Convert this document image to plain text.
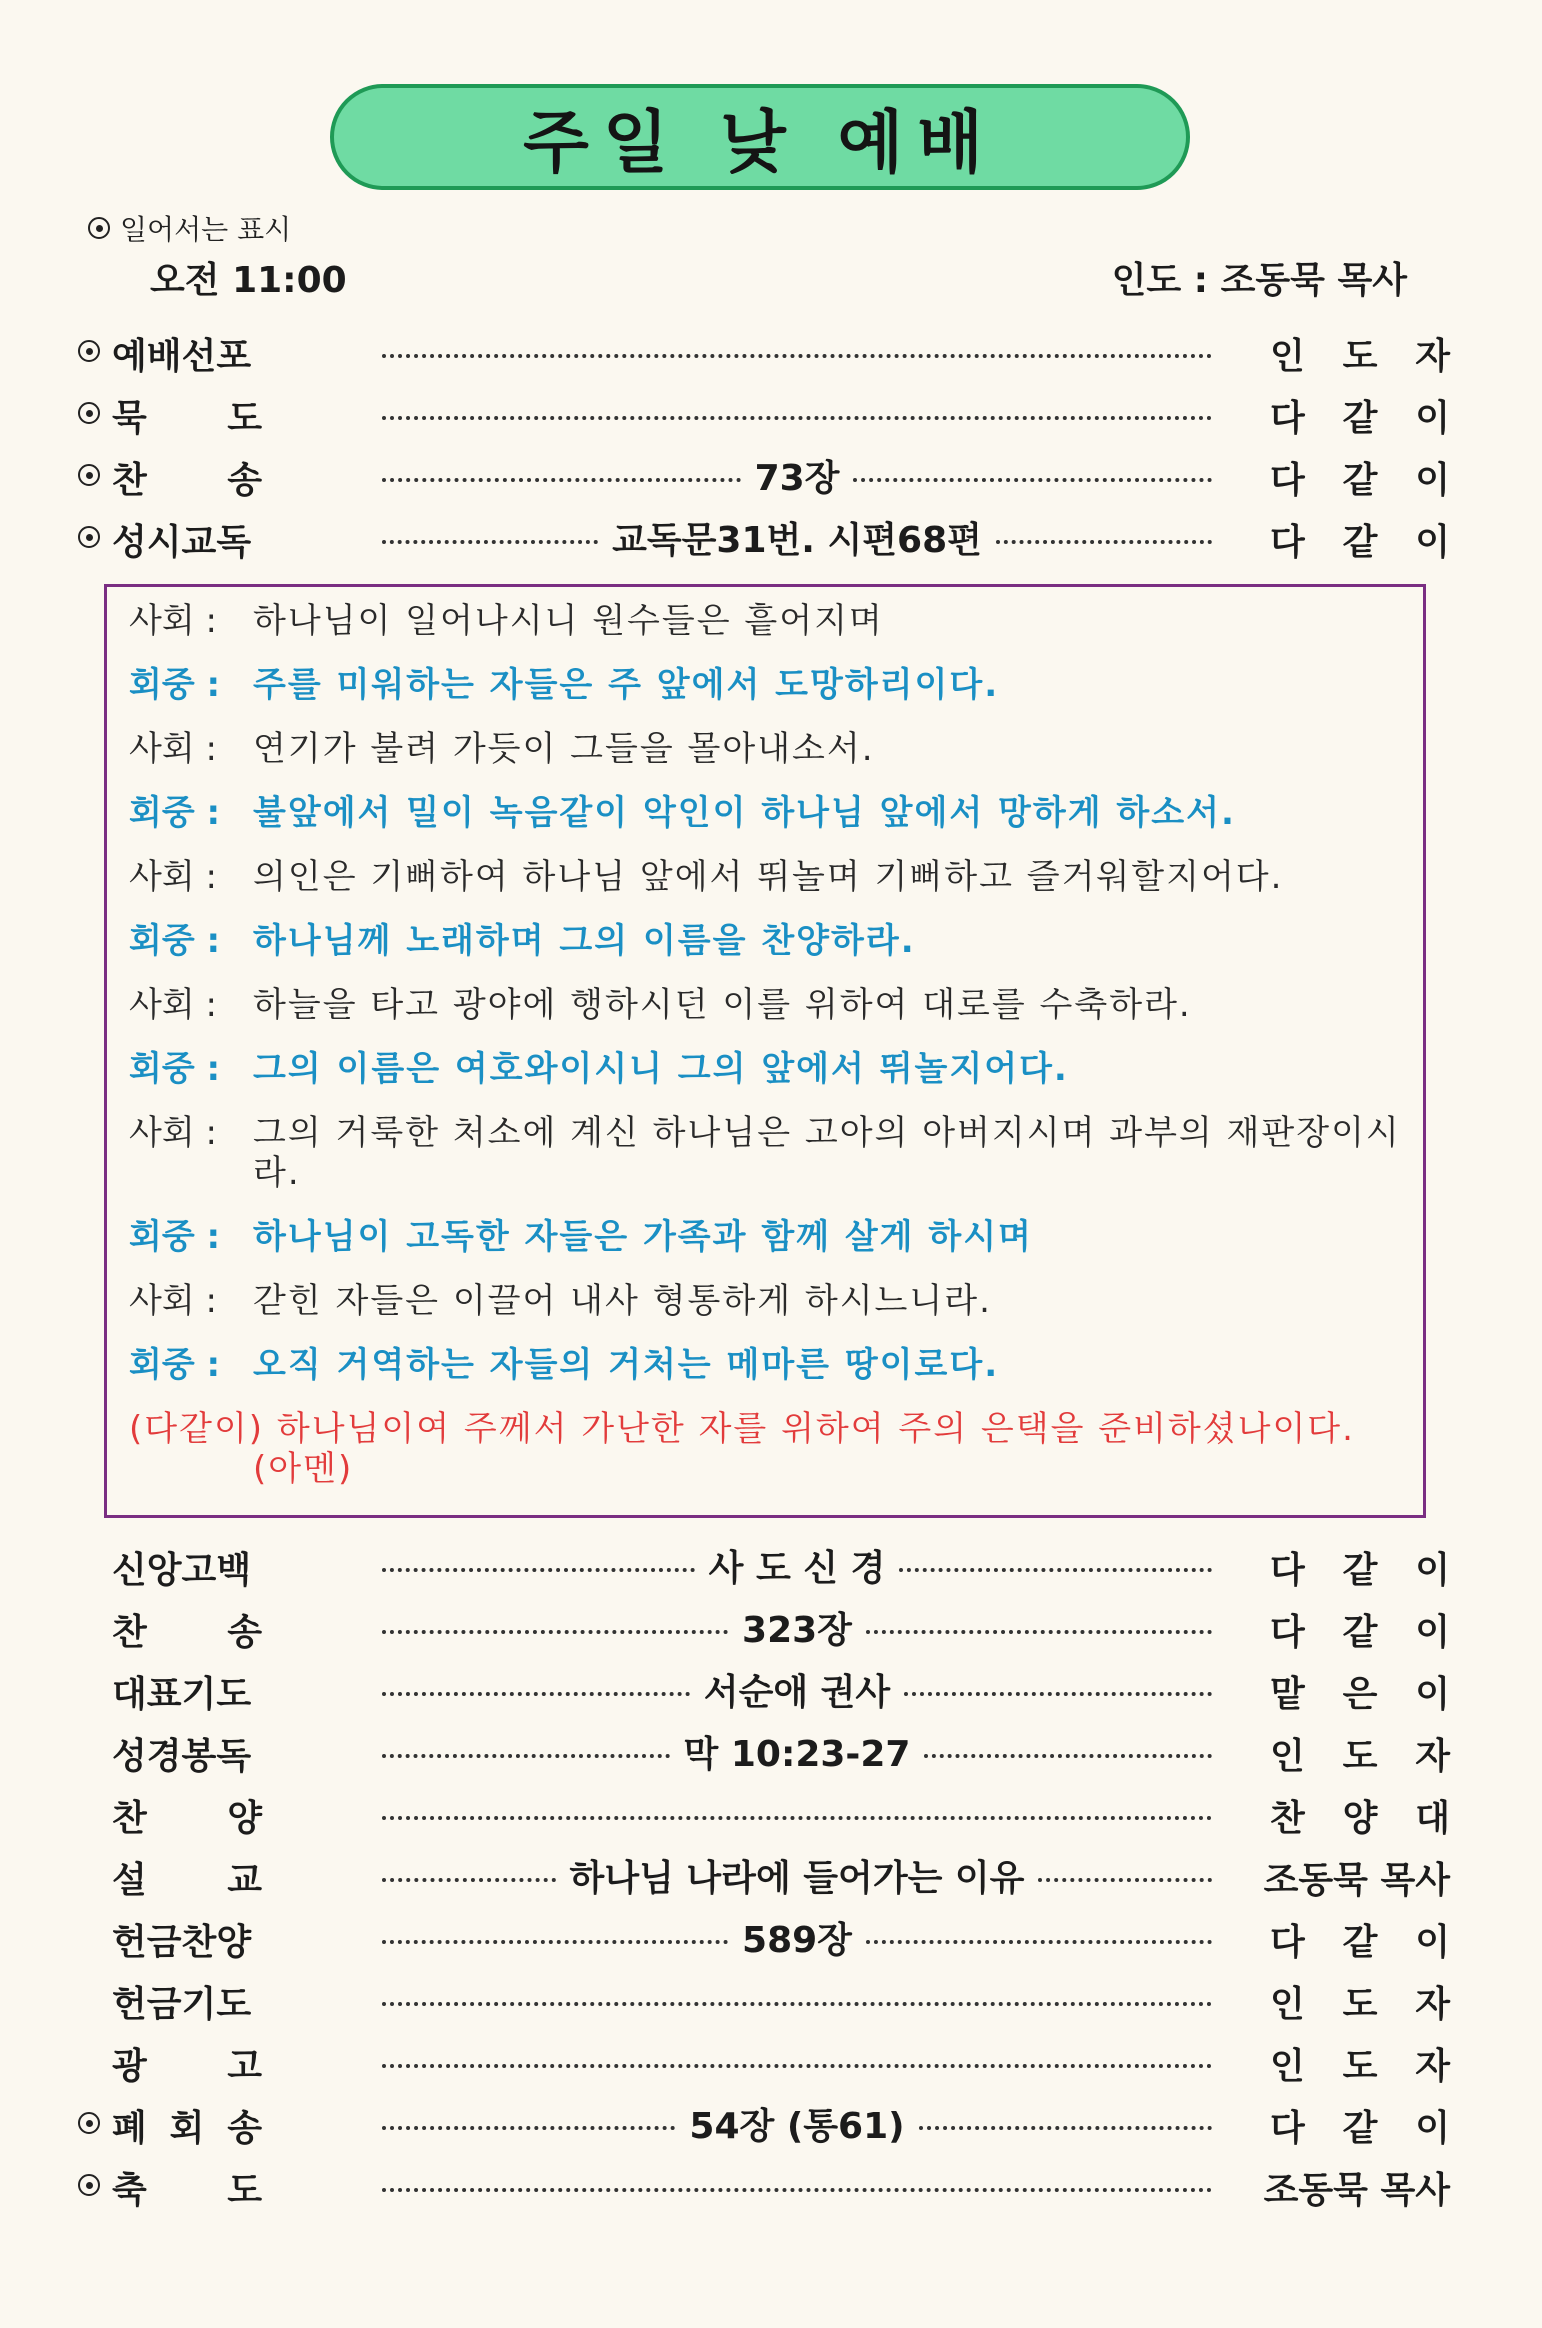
주일 낮 예배
일어서는 표시
오전 11:00	인도 : 조동묵 목사
예배선포	인 도 자
묵 도	다 같 이
찬 송	73장	다 같 이
성시교독	교독문31번. 시편68편	다 같 이
사회 :	하나님이 일어나시니 원수들은 흩어지며
회중 : 주를 미워하는 자들은 주 앞에서 도망하리이다.
사회 :	연기가 불려 가듯이 그들을 몰아내소서.
회중 : 불앞에서 밀이 녹음같이 악인이 하나님 앞에서 망하게 하소서.
사회 :	의인은 기뻐하여 하나님 앞에서 뛰놀며 기뻐하고 즐거워할지어다.
회중 : 하나님께 노래하며 그의 이름을 찬양하라.
사회 :	하늘을 타고 광야에 행하시던 이를 위하여 대로를 수축하라.
회중 : 그의 이름은 여호와이시니 그의 앞에서 뛰놀지어다.
사회 :	그의 거룩한 처소에 계신 하나님은 고아의 아버지시며 과부의 재판장이시라.
회중 : 하나님이 고독한 자들은 가족과 함께 살게 하시며
사회 :	갇힌 자들은 이끌어 내사 형통하게 하시느니라.
회중 : 오직 거역하는 자들의 거처는 메마른 땅이로다.
(다같이) 하나님이여 주께서 가난한 자를 위하여 주의 은택을 준비하셨나이다. (아멘)
신앙고백	사 도 신 경	다 같 이
찬 송	323장	다 같 이
대표기도	서순애 권사	맡 은 이
성경봉독	막 10:23-27	인 도 자
찬 양	찬 양 대
설 교	하나님 나라에 들어가는 이유	조동묵 목사
헌금찬양	589장	다 같 이
헌금기도	인 도 자
광 고	인 도 자
폐 회 송	54장 (통61)	다 같 이
축 도	조동묵 목사
